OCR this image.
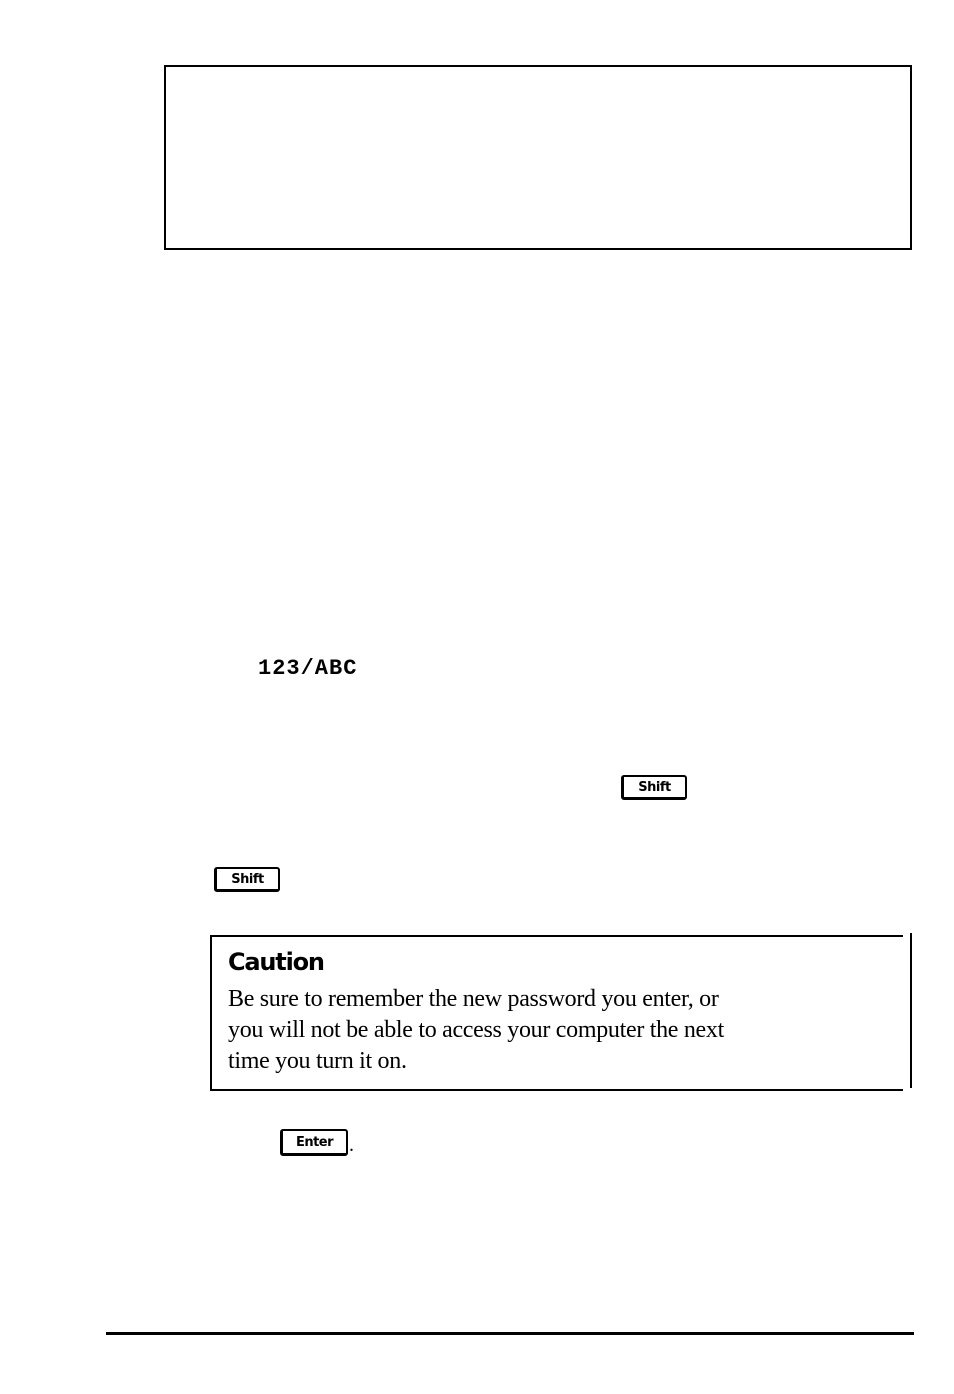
123/ABC
Shift
Shift
Caution
Be sure to remember the new password you enter, or
you will not be able to access your computer the next
time you turn it on.
Enter .
